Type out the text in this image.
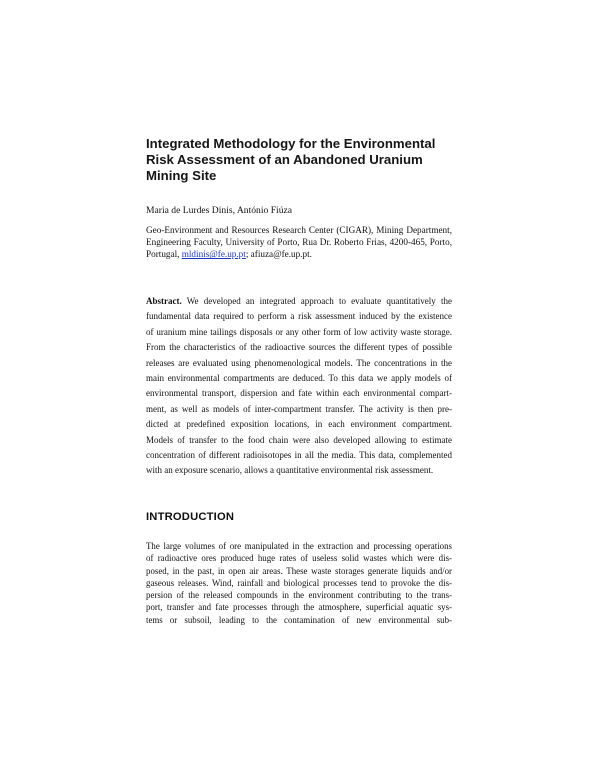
Integrated Methodology for the Environmental
Risk Assessment of an Abandoned Uranium
Mining Site
Maria de Lurdes Dinis, António Fiúza
Geo-Environment and Resources Research Center (CIGAR), Mining Department,
Engineering Faculty, University of Porto, Rua Dr. Roberto Frias, 4200-465, Porto,
Portugal, mldinis@fe.up.pt; afiuza@fe.up.pt.
Abstract. We developed an integrated approach to evaluate quantitatively the
fundamental data required to perform a risk assessment induced by the existence
of uranium mine tailings disposals or any other form of low activity waste storage.
From the characteristics of the radioactive sources the different types of possible
releases are evaluated using phenomenological models. The concentrations in the
main environmental compartments are deduced. To this data we apply models of
environmental transport, dispersion and fate within each environmental compart-
ment, as well as models of inter-compartment transfer. The activity is then pre-
dicted at predefined exposition locations, in each environment compartment.
Models of transfer to the food chain were also developed allowing to estimate
concentration of different radioisotopes in all the media. This data, complemented
with an exposure scenario, allows a quantitative environmental risk assessment.
INTRODUCTION
The large volumes of ore manipulated in the extraction and processing operations
of radioactive ores produced huge rates of useless solid wastes which were dis-
posed, in the past, in open air areas. These waste storages generate liquids and/or
gaseous releases. Wind, rainfall and biological processes tend to provoke the dis-
persion of the released compounds in the environment contributing to the trans-
port, transfer and fate processes through the atmosphere, superficial aquatic sys-
tems or subsoil, leading to the contamination of new environmental sub-
